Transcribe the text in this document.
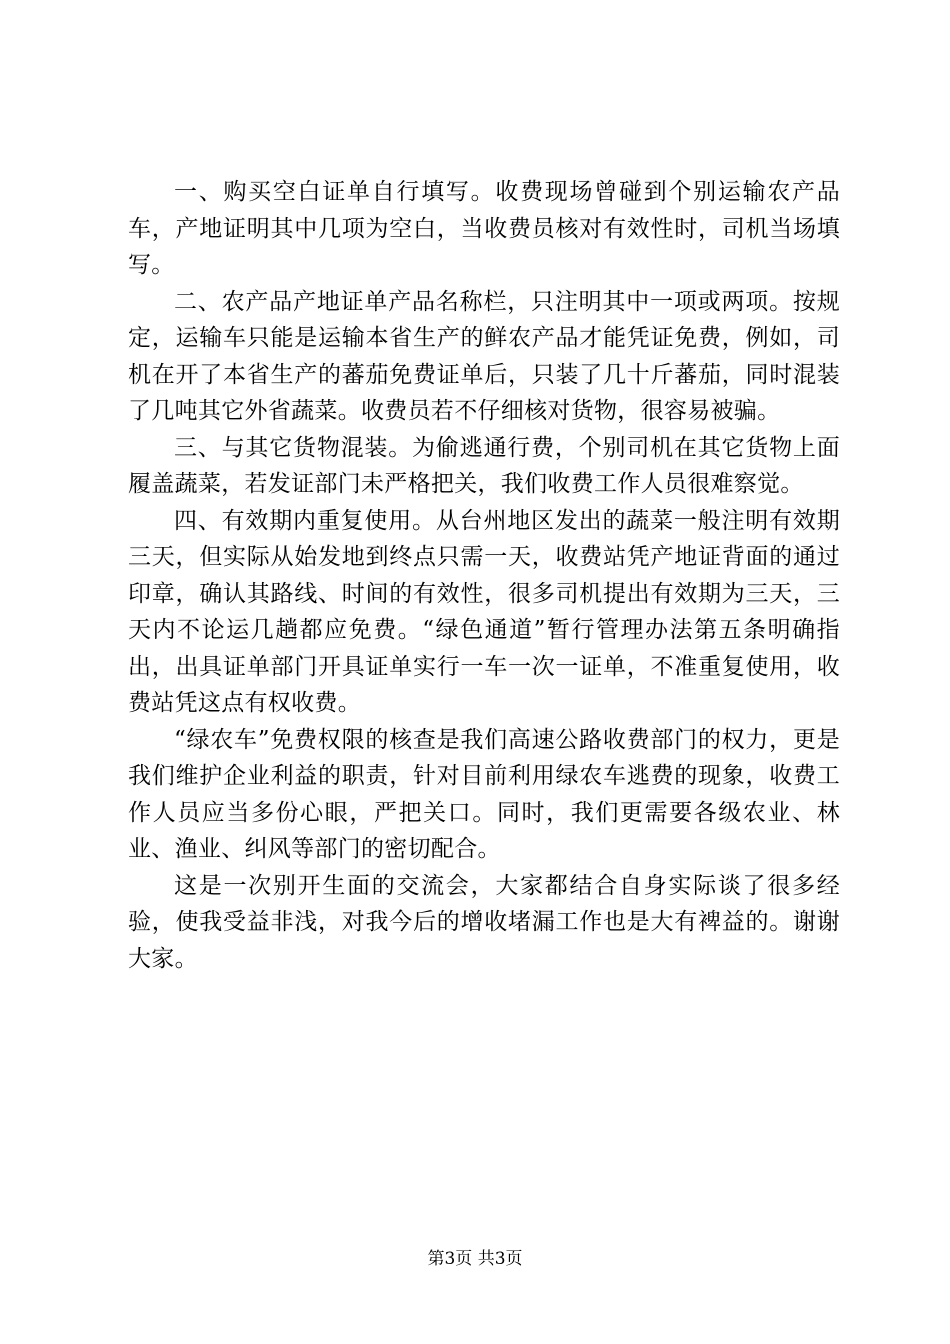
一、购买空白证单自行填写。收费现场曾碰到个别运输农产品车，产地证明其中几项为空白，当收费员核对有效性时，司机当场填写。

二、农产品产地证单产品名称栏，只注明其中一项或两项。按规定，运输车只能是运输本省生产的鲜农产品才能凭证免费，例如，司机在开了本省生产的蕃茄免费证单后，只装了几十斤蕃茄，同时混装了几吨其它外省蔬菜。收费员若不仔细核对货物，很容易被骗。

三、与其它货物混装。为偷逃通行费，个别司机在其它货物上面履盖蔬菜，若发证部门未严格把关，我们收费工作人员很难察觉。

四、有效期内重复使用。从台州地区发出的蔬菜一般注明有效期三天，但实际从始发地到终点只需一天，收费站凭产地证背面的通过印章，确认其路线、时间的有效性，很多司机提出有效期为三天，三天内不论运几趟都应免费。“绿色通道”暂行管理办法第五条明确指出，出具证单部门开具证单实行一车一次一证单，不准重复使用，收费站凭这点有权收费。

“绿农车”免费权限的核查是我们高速公路收费部门的权力，更是我们维护企业利益的职责，针对目前利用绿农车逃费的现象，收费工作人员应当多份心眼，严把关口。同时，我们更需要各级农业、林业、渔业、纠风等部门的密切配合。

这是一次别开生面的交流会，大家都结合自身实际谈了很多经验，使我受益非浅，对我今后的增收堵漏工作也是大有裨益的。谢谢大家。

第3页 共3页
